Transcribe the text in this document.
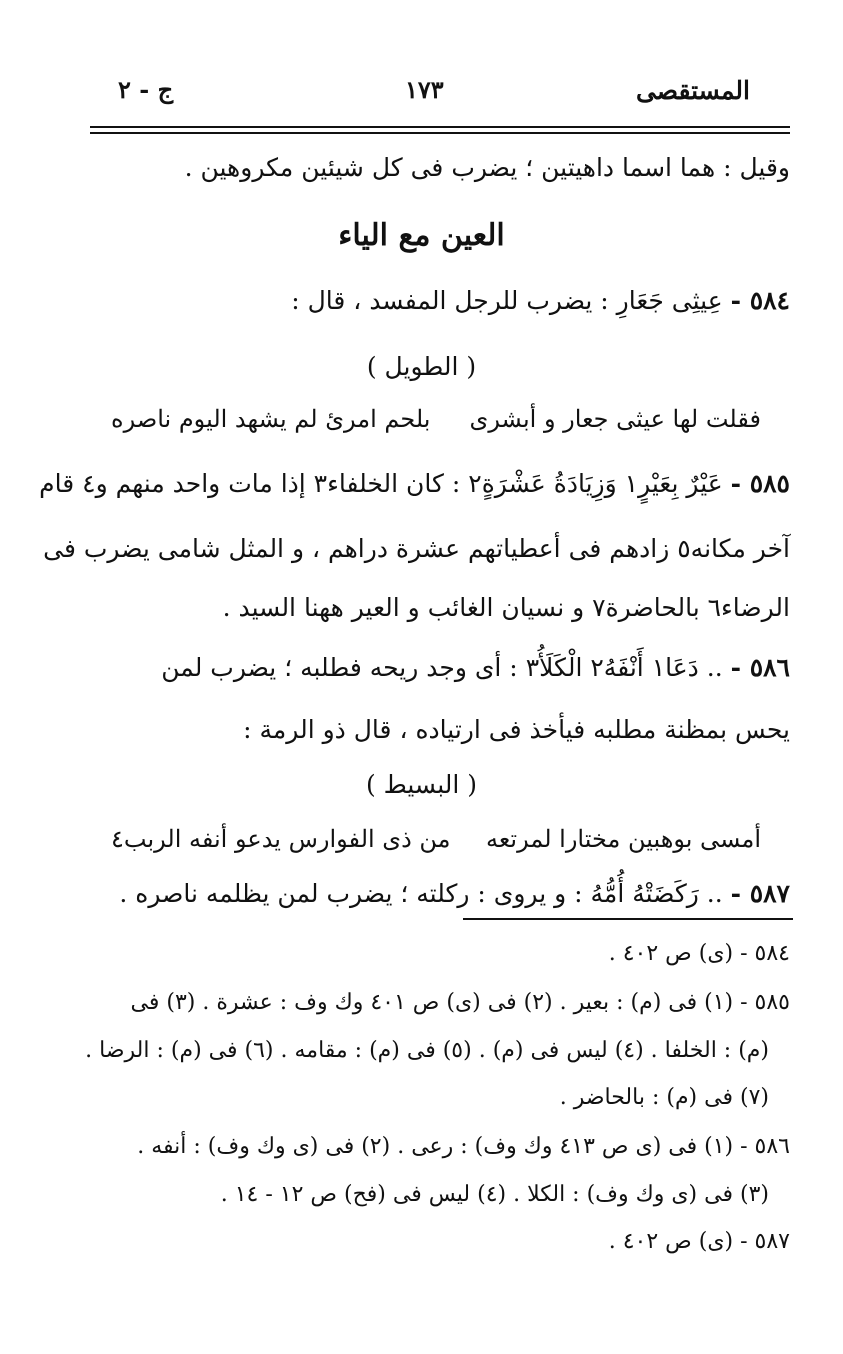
المستقصى
١٧٣
ج - ٢
وقيل : هما اسما داهيتين ؛ يضرب فى كل شيئين مكروهين .
العين مع الياء
٥٨٤ - عِيثِى جَعَارِ : يضرب للرجل المفسد ، قال :
( الطويل )
فقلت لها عيثى جعار و أبشرى
بلحم امرئ لم يشهد اليوم ناصره
٥٨٥ - عَيْرٌ بِعَيْرٍ١ وَزِيَادَةُ عَشْرَةٍ٢ : كان الخلفاء٣ إذا مات واحد منهم و٤ قام
آخر مكانه٥ زادهم فى أعطياتهم عشرة دراهم ، و المثل شامى يضرب فى
الرضاء٦ بالحاضرة٧ و نسيان الغائب و العير ههنا السيد .
٥٨٦ - .. دَعَا١ أَنْفَهُ٢ الْكَلَأُ٣ : أى وجد ريحه فطلبه ؛ يضرب لمن
يحس بمظنة مطلبه فيأخذ فى ارتياده ، قال ذو الرمة :
( البسيط )
أمسى بوهبين مختارا لمرتعه
من ذى الفوارس يدعو أنفه الربب٤
٥٨٧ - .. رَكَضَتْهُ أُمُّهُ : و يروى : ركلته ؛ يضرب لمن يظلمه ناصره .
٥٨٤ - (ى) ص ٤٠٢ .
٥٨٥ - (١) فى (م) : بعير . (٢) فى (ى) ص ٤٠١ وك وف : عشرة . (٣) فى
(م) : الخلفا . (٤) ليس فى (م) . (٥) فى (م) : مقامه . (٦) فى (م) : الرضا .
(٧) فى (م) : بالحاضر .
٥٨٦ - (١) فى (ى ص ٤١٣ وك وف) : رعى . (٢) فى (ى وك وف) : أنفه .
(٣) فى (ى وك وف) : الكلا . (٤) ليس فى (فح) ص ١٢ - ١٤ .
٥٨٧ - (ى) ص ٤٠٢ .
